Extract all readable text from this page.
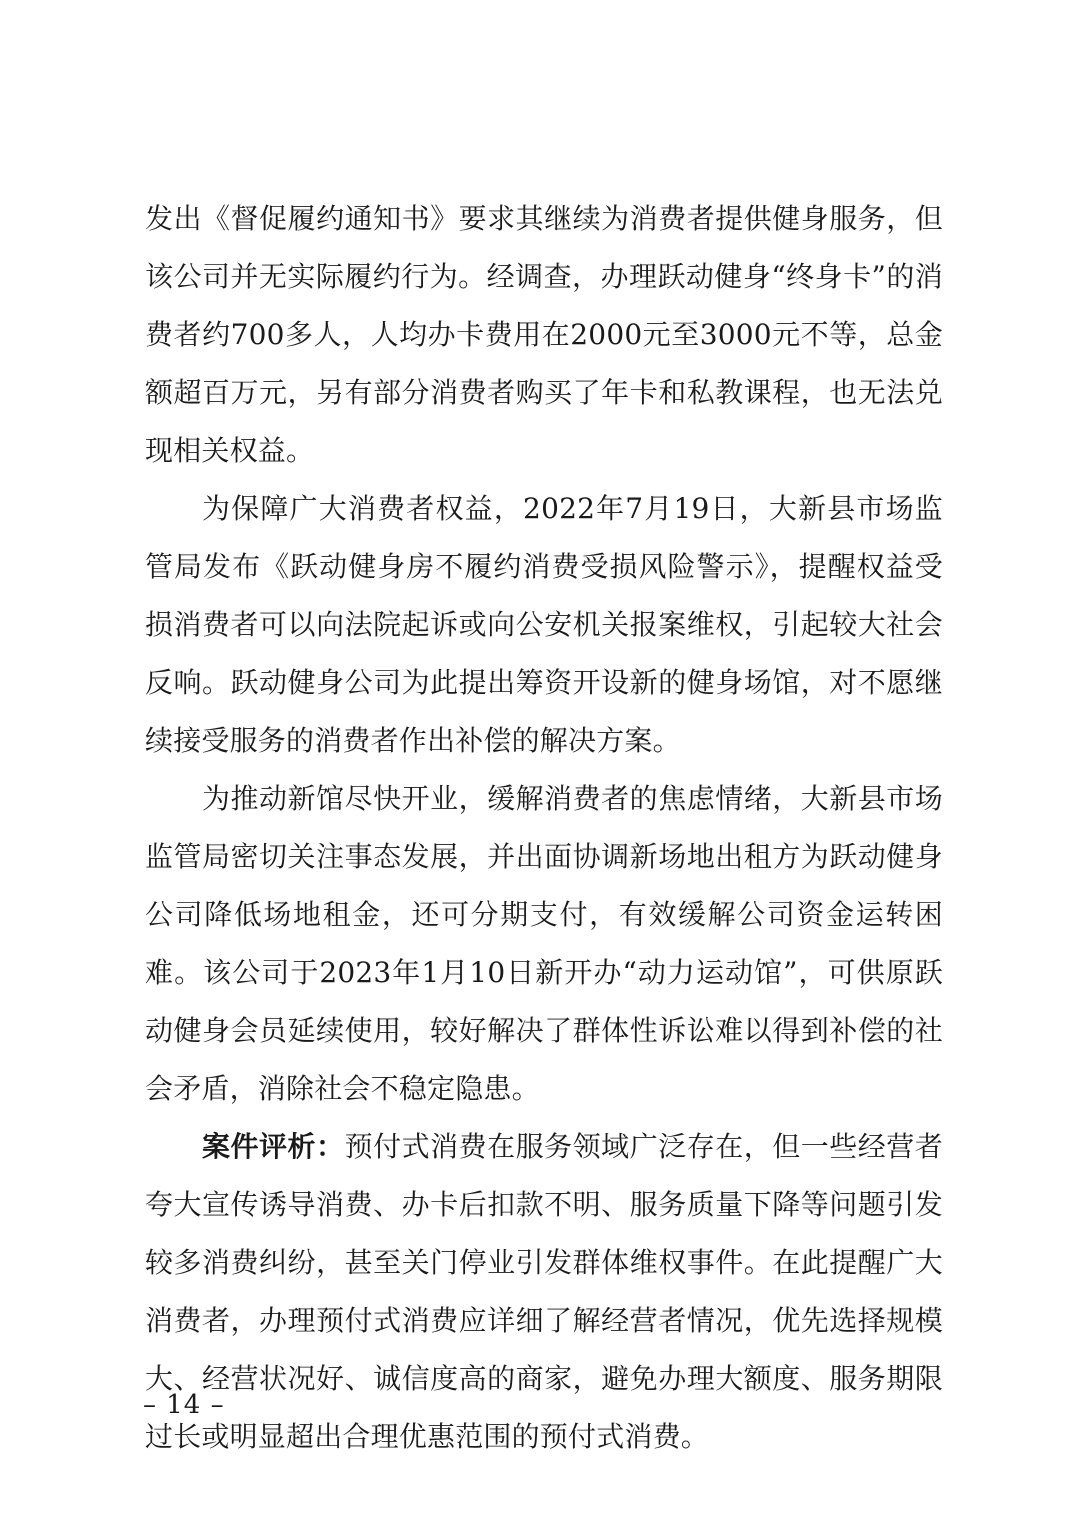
发出《督促履约通知书》要求其继续为消费者提供健身服务，但该公司并无实际履约行为。经调查，办理跃动健身“终身卡”的消费者约700多人，人均办卡费用在2000元至3000元不等，总金额超百万元，另有部分消费者购买了年卡和私教课程，也无法兑现相关权益。

为保障广大消费者权益，2022年7月19日，大新县市场监管局发布《跃动健身房不履约消费受损风险警示》，提醒权益受损消费者可以向法院起诉或向公安机关报案维权，引起较大社会反响。跃动健身公司为此提出筹资开设新的健身场馆，对不愿继续接受服务的消费者作出补偿的解决方案。

为推动新馆尽快开业，缓解消费者的焦虑情绪，大新县市场监管局密切关注事态发展，并出面协调新场地出租方为跃动健身公司降低场地租金，还可分期支付，有效缓解公司资金运转困难。该公司于2023年1月10日新开办“动力运动馆”，可供原跃动健身会员延续使用，较好解决了群体性诉讼难以得到补偿的社会矛盾，消除社会不稳定隐患。

案件评析：预付式消费在服务领域广泛存在，但一些经营者夸大宣传诱导消费、办卡后扣款不明、服务质量下降等问题引发较多消费纠纷，甚至关门停业引发群体维权事件。在此提醒广大消费者，办理预付式消费应详细了解经营者情况，优先选择规模大、经营状况好、诚信度高的商家，避免办理大额度、服务期限过长或明显超出合理优惠范围的预付式消费。

– 14 –
